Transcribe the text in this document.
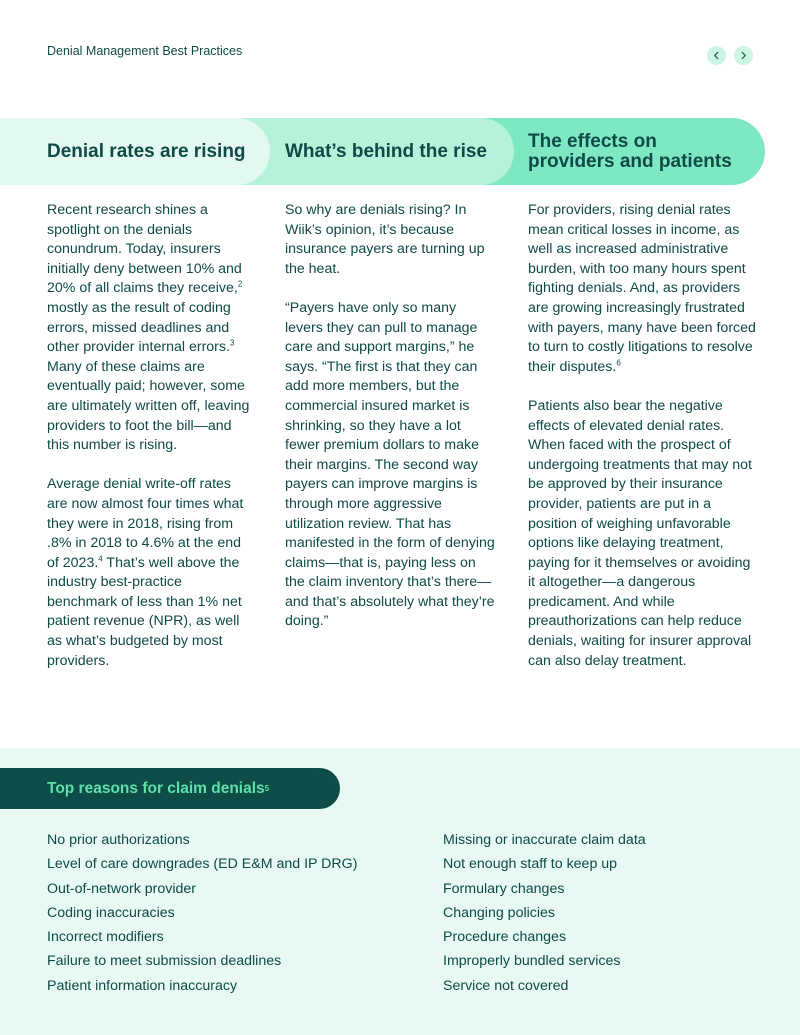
Denial Management Best Practices
The effects on
providers and patients
What’s behind the rise
Denial rates are rising

Recent research shines a spotlight on the denials conundrum. Today, insurers initially deny between 10% and 20% of all claims they receive,$^2$ mostly as the result of coding errors, missed deadlines and other provider internal errors.$^3$ Many of these claims are eventually paid; however, some are ultimately written off, leaving providers to foot the bill—and this number is rising.

Average denial write-off rates are now almost four times what they were in 2018, rising from .8% in 2018 to 4.6% at the end of 2023.$^4$ That’s well above the industry best-practice benchmark of less than 1% net patient revenue (NPR), as well as what’s budgeted by most providers.

So why are denials rising? In Wiik’s opinion, it’s because insurance payers are turning up the heat.

“Payers have only so many levers they can pull to manage care and support margins,” he says. “The first is that they can add more members, but the commercial insured market is shrinking, so they have a lot fewer premium dollars to make their margins. The second way payers can improve margins is through more aggressive utilization review. That has manifested in the form of denying claims—that is, paying less on the claim inventory that’s there—and that’s absolutely what they’re doing.”

For providers, rising denial rates mean critical losses in income, as well as increased administrative burden, with too many hours spent fighting denials. And, as providers are growing increasingly frustrated with payers, many have been forced to turn to costly litigations to resolve their disputes.$^6$

Patients also bear the negative effects of elevated denial rates. When faced with the prospect of undergoing treatments that may not be approved by their insurance provider, patients are put in a position of weighing unfavorable options like delaying treatment, paying for it themselves or avoiding it altogether—a dangerous predicament. And while preauthorizations can help reduce denials, waiting for insurer approval can also delay treatment.

Top reasons for claim denials 5
No prior authorizations
Level of care downgrades (ED E&M and IP DRG)
Out-of-network provider
Coding inaccuracies
Incorrect modifiers
Failure to meet submission deadlines
Patient information inaccuracy
Missing or inaccurate claim data
Not enough staff to keep up
Formulary changes
Changing policies
Procedure changes
Improperly bundled services
Service not covered
